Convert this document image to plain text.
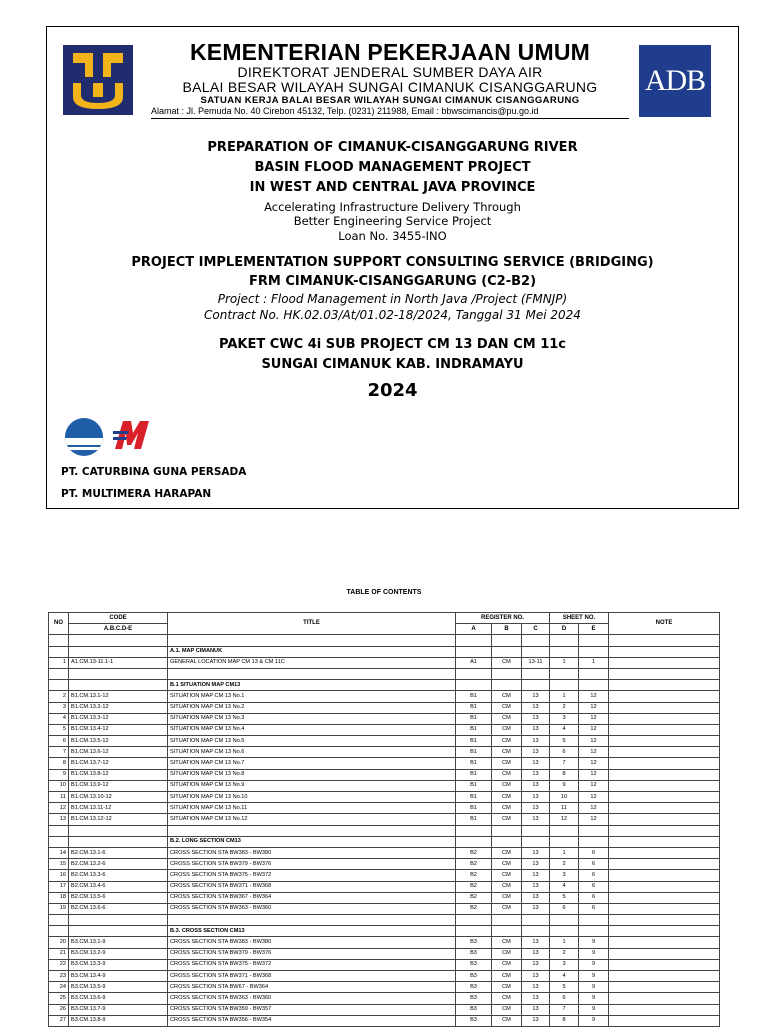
KEMENTERIAN PEKERJAAN UMUM
DIREKTORAT JENDERAL SUMBER DAYA AIR
BALAI BESAR WILAYAH SUNGAI CIMANUK CISANGGARUNG
SATUAN KERJA BALAI BESAR WILAYAH SUNGAI CIMANUK CISANGGARUNG
Alamat : Jl. Pemuda No. 40 Cirebon 45132, Telp. (0231) 211988, Email : bbwscimancis@pu.go.id
ADB
PREPARATION OF CIMANUK-CISANGGARUNG RIVER
BASIN FLOOD MANAGEMENT PROJECT
IN WEST AND CENTRAL JAVA PROVINCE
Accelerating Infrastructure Delivery Through
Better Engineering Service Project
Loan No. 3455-INO
PROJECT IMPLEMENTATION SUPPORT CONSULTING SERVICE (BRIDGING)
FRM CIMANUK-CISANGGARUNG (C2-B2)
Project : Flood Management in North Java /Project (FMNJP)
Contract No. HK.02.03/At/01.02-18/2024, Tanggal 31 Mei 2024
PAKET CWC 4i SUB PROJECT CM 13 DAN CM 11c
SUNGAI CIMANUK KAB. INDRAMAYU
2024
PT. CATURBINA GUNA PERSADA
PT. MULTIMERA HARAPAN
TABLE OF CONTENTS
NO	CODE	TITLE	REGISTER NO.			SHEET NO.		NOTE
	A.B.C.D-E		A	B	C	D	E	

		A.1. MAP CIMANUK						
1	A1.CM.13-11.1-1	GENERAL LOCATION MAP CM 13 & CM 11C	A1	CM	13-11	1	1	

		B.1 SITUATION MAP CM13						
2	B1.CM.13.1-12	SITUATION MAP CM 13 No.1	B1	CM	13	1	12	
3	B1.CM.13.2-12	SITUATION MAP CM 13 No.2	B1	CM	13	2	12	
4	B1.CM.13.3-12	SITUATION MAP CM 13 No.3	B1	CM	13	3	12	
5	B1.CM.13.4-12	SITUATION MAP CM 13 No.4	B1	CM	13	4	12	
6	B1.CM.13.5-12	SITUATION MAP CM 13 No.5	B1	CM	13	5	12	
7	B1.CM.13.6-12	SITUATION MAP CM 13 No.6	B1	CM	13	6	12	
8	B1.CM.13.7-12	SITUATION MAP CM 13 No.7	B1	CM	13	7	12	
9	B1.CM.13.8-12	SITUATION MAP CM 13 No.8	B1	CM	13	8	12	
10	B1.CM.13.9-12	SITUATION MAP CM 13 No.9	B1	CM	13	9	12	
11	B1.CM.13.10-12	SITUATION MAP CM 13 No.10	B1	CM	13	10	12	
12	B1.CM.13.11-12	SITUATION MAP CM 13 No.11	B1	CM	13	11	12	
13	B1.CM.13.12-12	SITUATION MAP CM 13 No.12	B1	CM	13	12	12	

		B.2. LONG SECTION CM13						
14	B2.CM.13.1-6	CROSS SECTION STA BW383 - BW380	B2	CM	13	1	6	
15	B2.CM.13.2-6	CROSS SECTION STA BW379 - BW376	B2	CM	13	2	6	
16	B2.CM.13.3-6	CROSS SECTION STA BW375 - BW372	B2	CM	13	3	6	
17	B2.CM.13.4-6	CROSS SECTION STA BW371 - BW368	B2	CM	13	4	6	
18	B2.CM.13.5-6	CROSS SECTION STA BW367 - BW364	B2	CM	13	5	6	
19	B2.CM.13.6-6	CROSS SECTION STA BW363 - BW360	B2	CM	13	6	6	

		B.3. CROSS SECTION CM13						
20	B3.CM.13.1-9	CROSS SECTION STA BW383 - BW380	B3	CM	13	1	9	
21	B3.CM.13.2-9	CROSS SECTION STA BW379 - BW376	B3	CM	13	2	9	
22	B3.CM.13.3-9	CROSS SECTION STA BW375 - BW372	B3	CM	13	3	9	
23	B3.CM.13.4-9	CROSS SECTION STA BW371 - BW368	B3	CM	13	4	9	
24	B3.CM.13.5-9	CROSS SECTION STA BW67 - BW364	B3	CM	13	5	9	
25	B3.CM.13.6-9	CROSS SECTION STA BW363 - BW360	B3	CM	13	6	9	
26	B3.CM.13.7-9	CROSS SECTION STA BW359 - BW357	B3	CM	13	7	9	
27	B3.CM.13.8-9	CROSS SECTION STA BW356 - BW354	B3	CM	13	8	9	
